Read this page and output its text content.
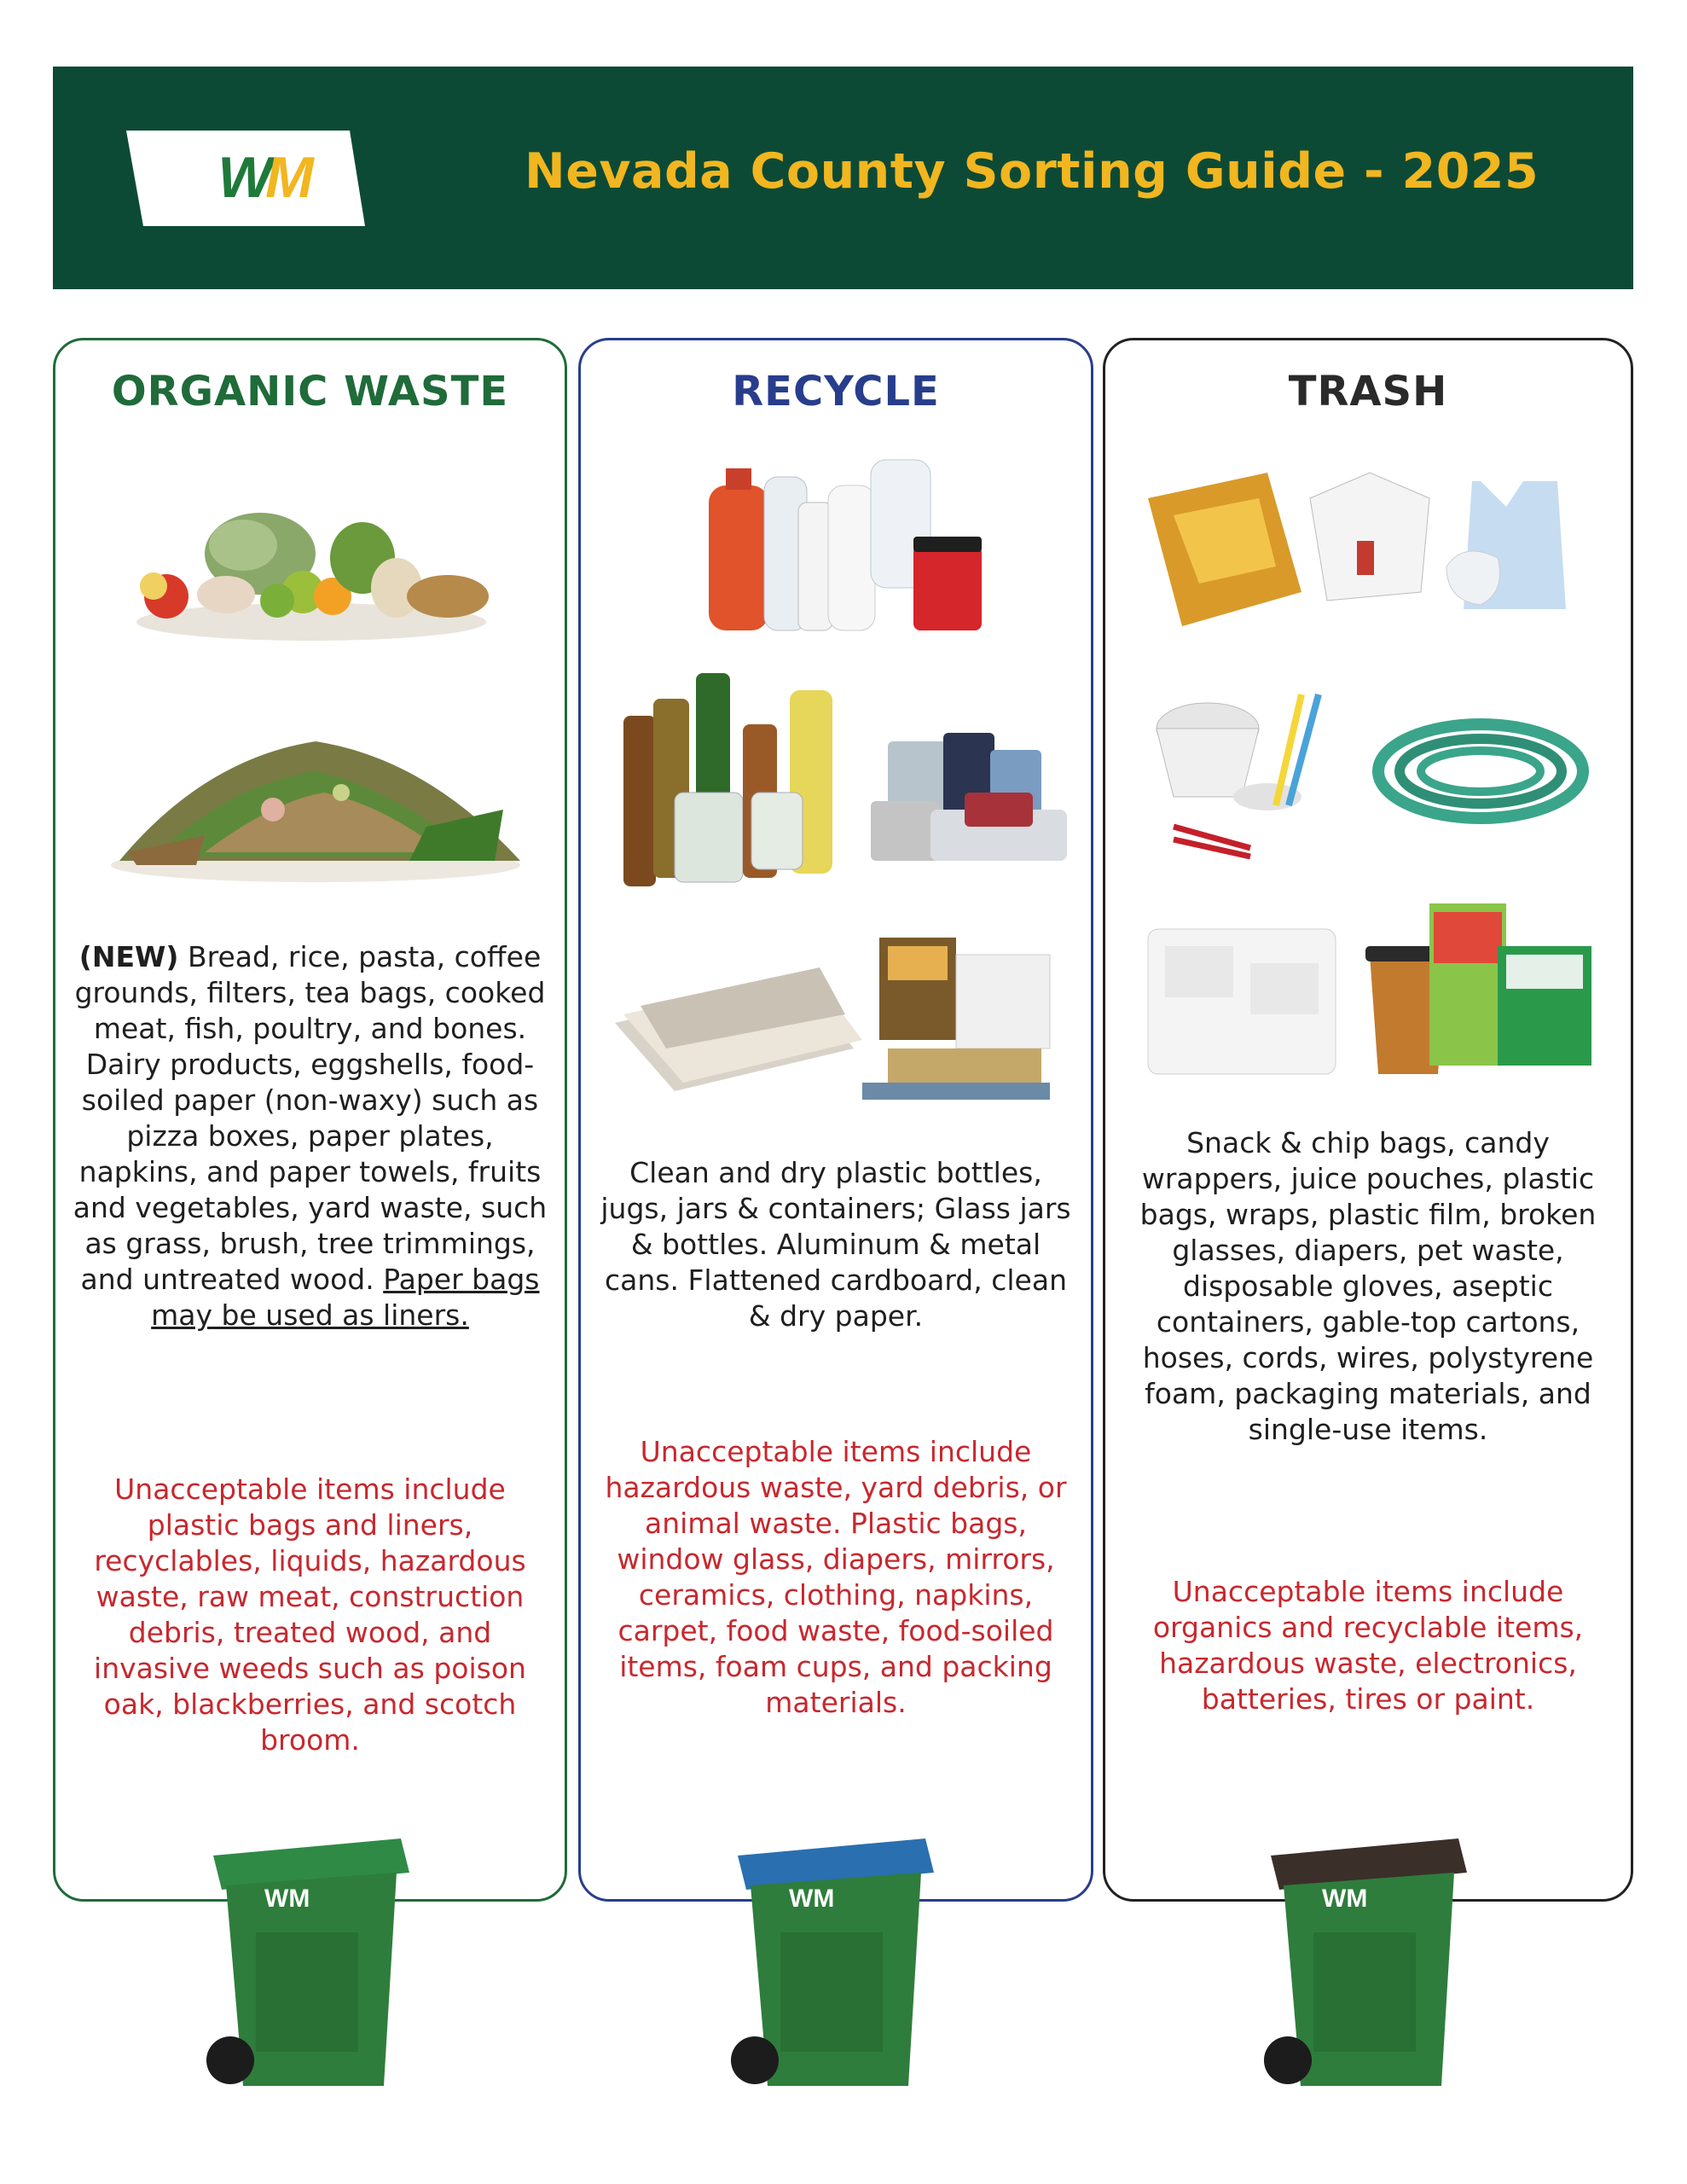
W
M	Nevada County Sorting Guide - 2025
ORGANIC WASTE
(NEW) Bread, rice, pasta, coffee grounds, filters, tea bags, cooked meat, fish, poultry, and bones. Dairy products, eggshells, food-soiled paper (non-waxy) such as pizza boxes, paper plates, napkins, and paper towels, fruits and vegetables, yard waste, such as grass, brush, tree trimmings, and untreated wood. Paper bags may be used as liners.
Unacceptable items include plastic bags and liners, recyclables, liquids, hazardous waste, raw meat, construction debris, treated wood, and invasive weeds such as poison oak, blackberries, and scotch broom.
RECYCLE
Clean and dry plastic bottles, jugs, jars & containers; Glass jars & bottles. Aluminum & metal cans. Flattened cardboard, clean & dry paper.
Unacceptable items include hazardous waste, yard debris, or animal waste. Plastic bags, window glass, diapers, mirrors, ceramics, clothing, napkins, carpet, food waste, food-soiled items, foam cups, and packing materials.
TRASH
Snack & chip bags, candy wrappers, juice pouches, plastic bags, wraps, plastic film, broken glasses, diapers, pet waste, disposable gloves, aseptic containers, gable-top cartons, hoses, cords, wires, polystyrene foam, packaging materials, and single-use items.
Unacceptable items include organics and recyclable items, hazardous waste, electronics, batteries, tires or paint.
WM	WM	WM
